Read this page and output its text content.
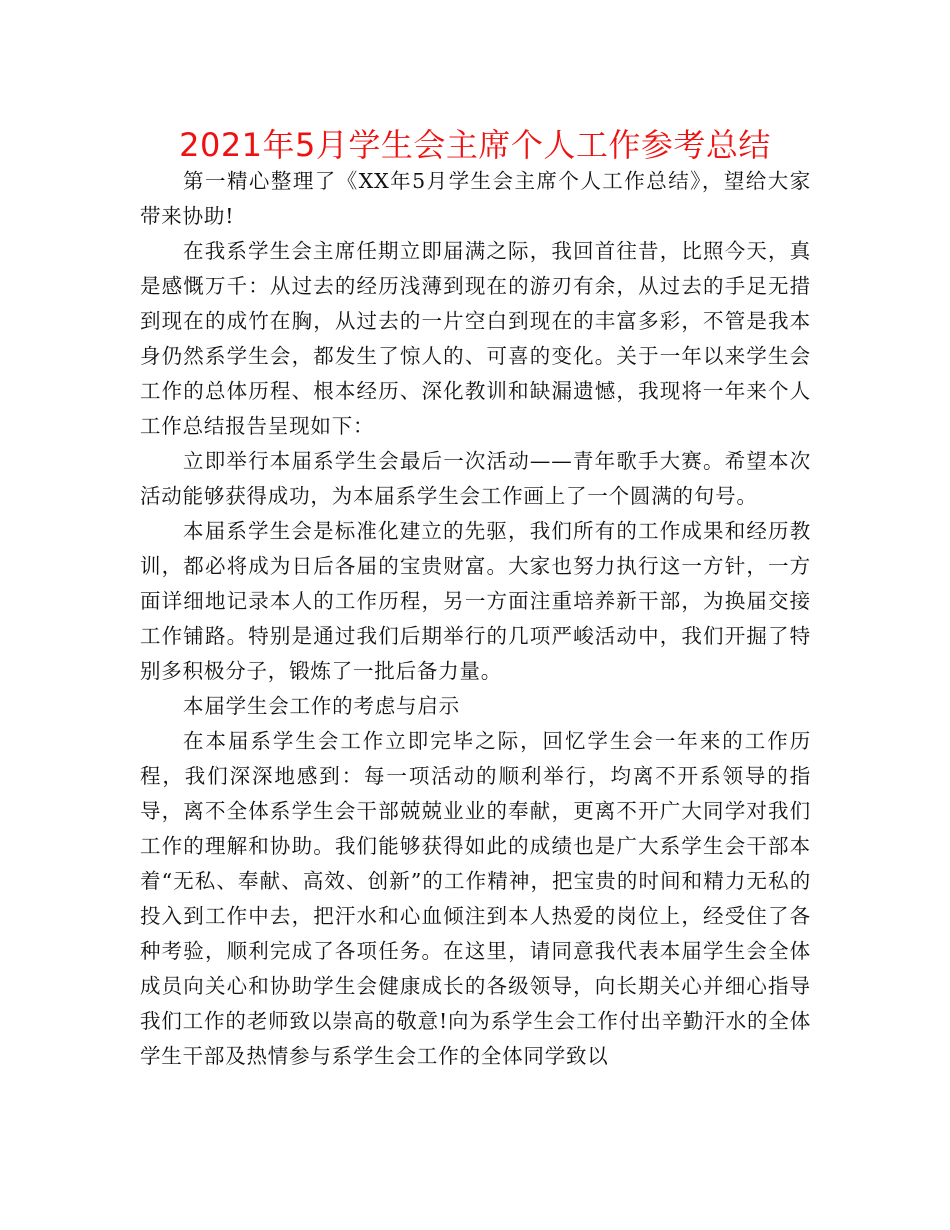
2021年5月学生会主席个人工作参考总结

第一精心整理了《XX年5月学生会主席个人工作总结》，望给大家带来协助!

在我系学生会主席任期立即届满之际，我回首往昔，比照今天，真是感慨万千：从过去的经历浅薄到现在的游刃有余，从过去的手足无措到现在的成竹在胸，从过去的一片空白到现在的丰富多彩，不管是我本身仍然系学生会，都发生了惊人的、可喜的变化。关于一年以来学生会工作的总体历程、根本经历、深化教训和缺漏遗憾，我现将一年来个人工作总结报告呈现如下：

立即举行本届系学生会最后一次活动——青年歌手大赛。希望本次活动能够获得成功，为本届系学生会工作画上了一个圆满的句号。

本届系学生会是标准化建立的先驱，我们所有的工作成果和经历教训，都必将成为日后各届的宝贵财富。大家也努力执行这一方针，一方面详细地记录本人的工作历程，另一方面注重培养新干部，为换届交接工作铺路。特别是通过我们后期举行的几项严峻活动中，我们开掘了特别多积极分子，锻炼了一批后备力量。

本届学生会工作的考虑与启示

在本届系学生会工作立即完毕之际，回忆学生会一年来的工作历程，我们深深地感到：每一项活动的顺利举行，均离不开系领导的指导，离不全体系学生会干部兢兢业业的奉献，更离不开广大同学对我们工作的理解和协助。我们能够获得如此的成绩也是广大系学生会干部本着“无私、奉献、高效、创新”的工作精神，把宝贵的时间和精力无私的投入到工作中去，把汗水和心血倾注到本人热爱的岗位上，经受住了各种考验，顺利完成了各项任务。在这里，请同意我代表本届学生会全体成员向关心和协助学生会健康成长的各级领导，向长期关心并细心指导我们工作的老师致以崇高的敬意!向为系学生会工作付出辛勤汗水的全体学生干部及热情参与系学生会工作的全体同学致以
